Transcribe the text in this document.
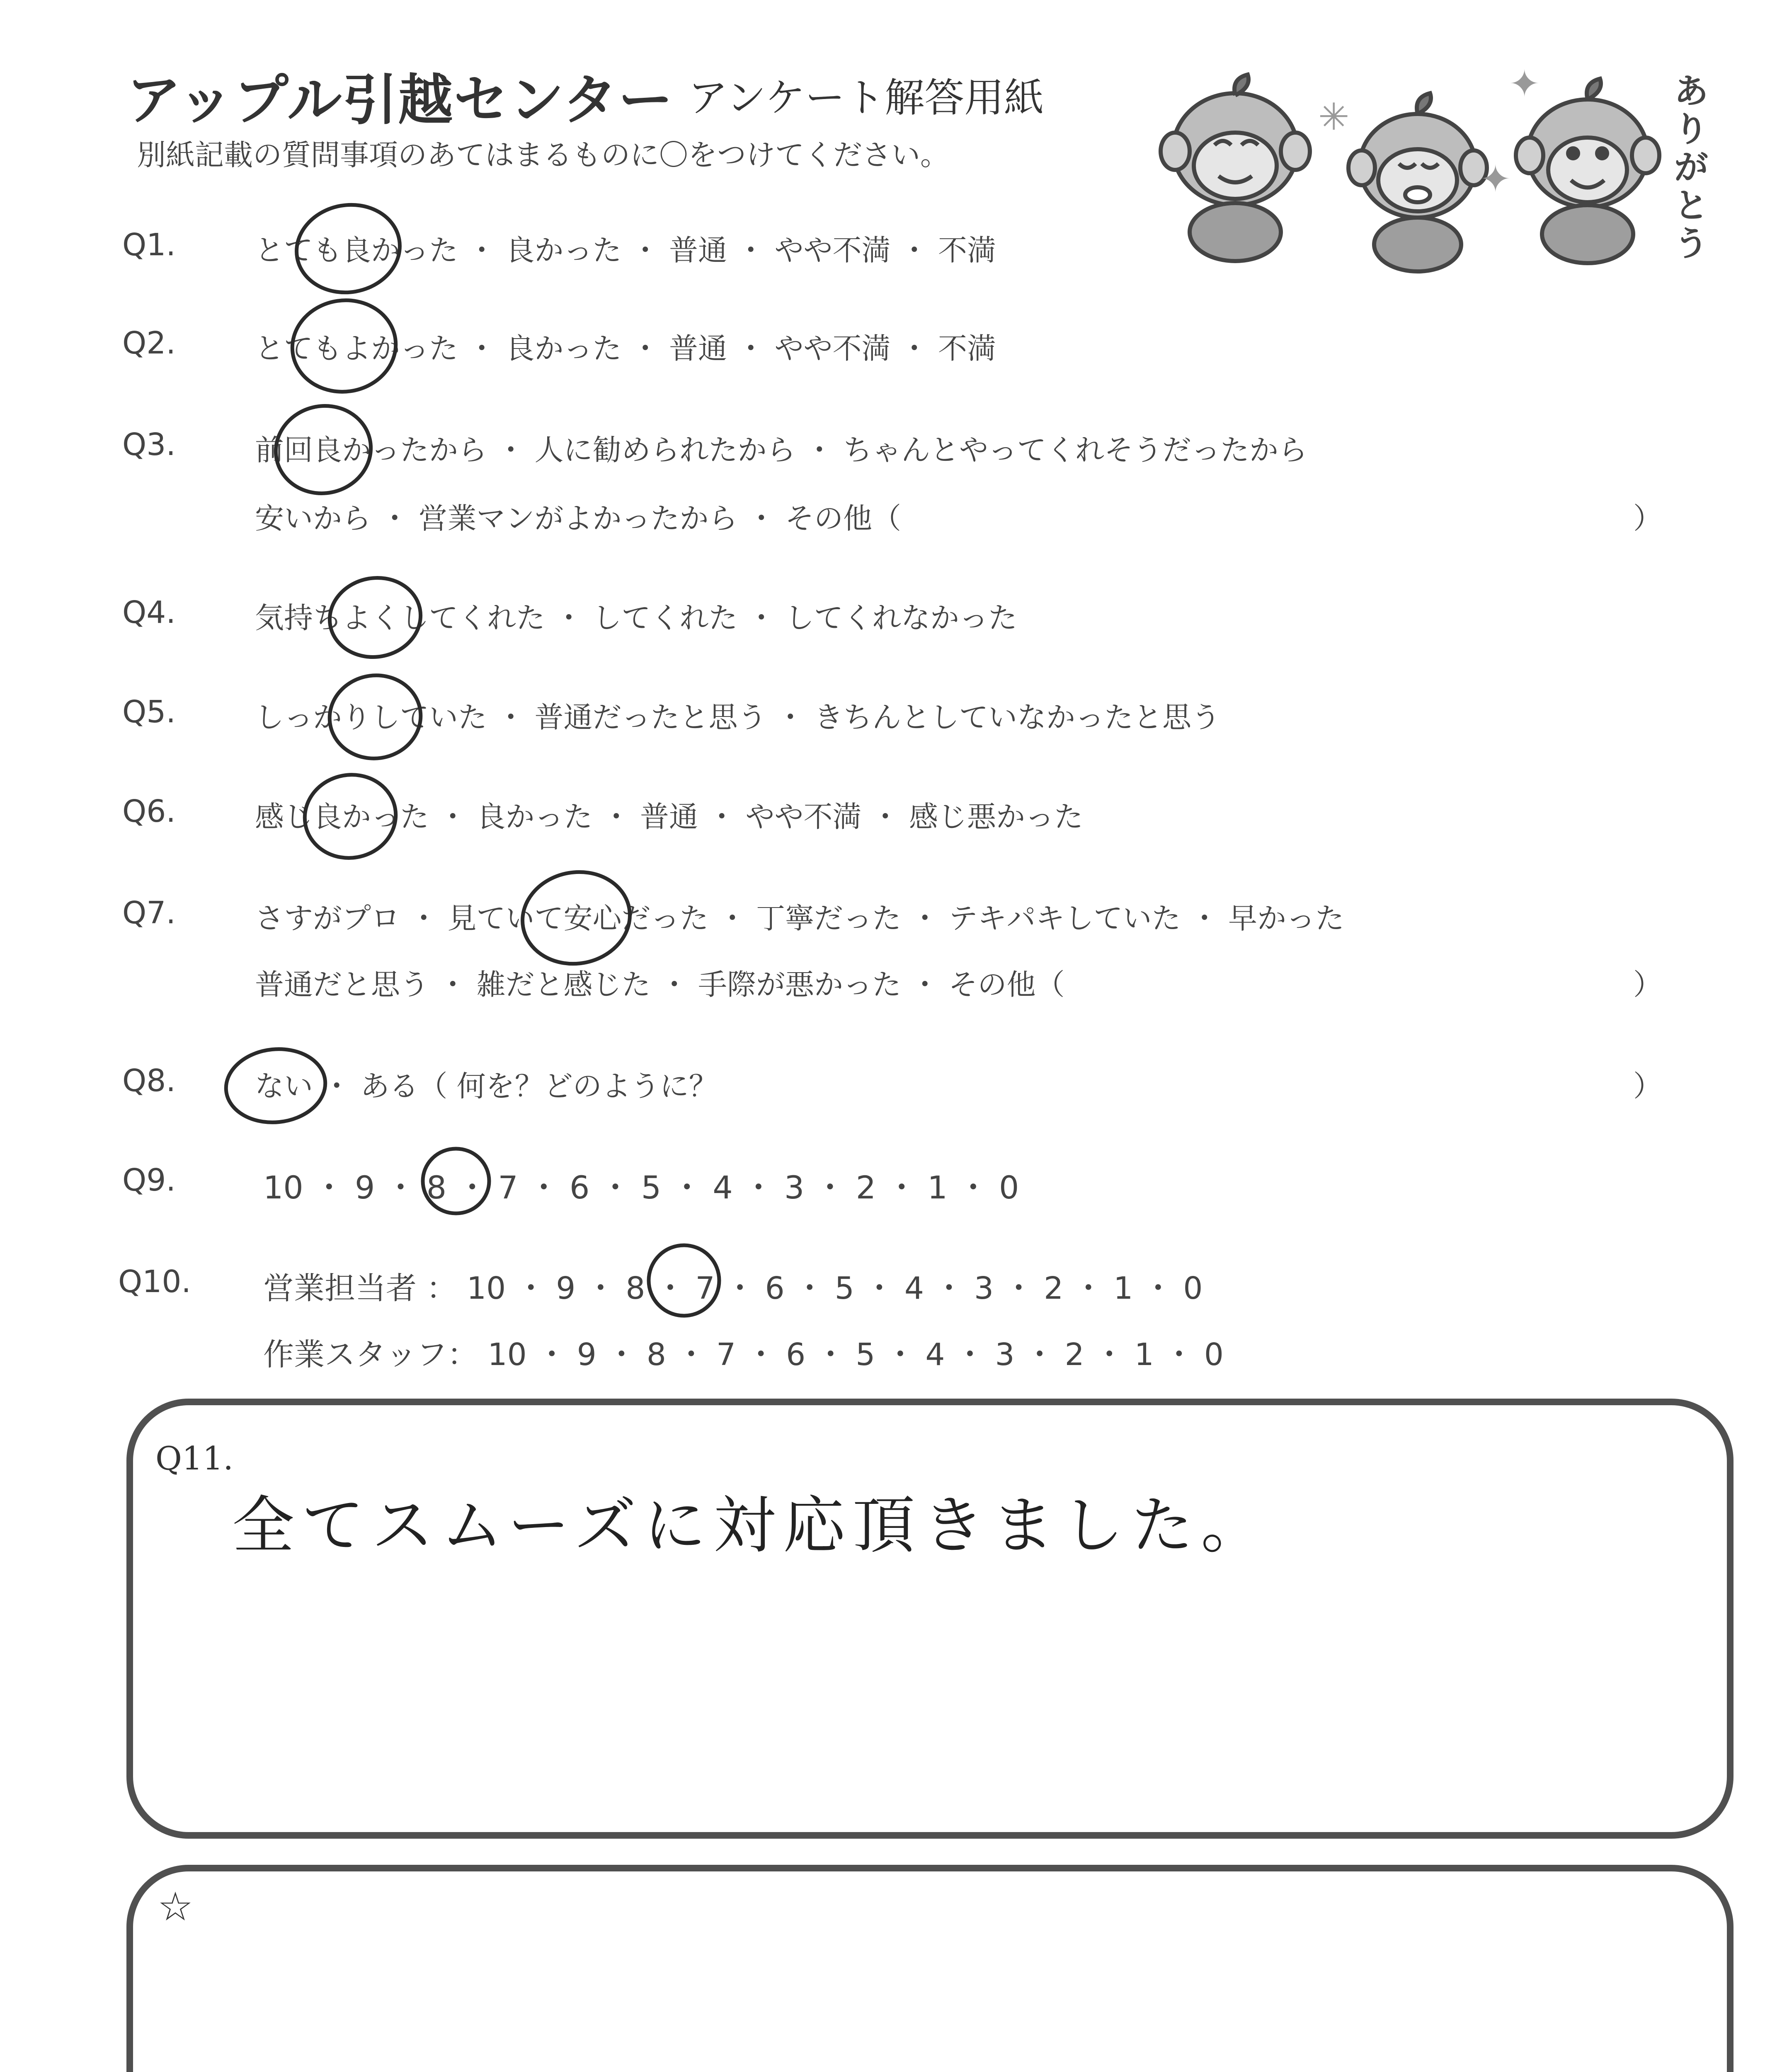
アップル引越センター アンケート解答用紙
別紙記載の質問事項のあてはまるものに〇をつけてください。
✦
✦
✳
ありがとう
Q1.	とても良かった ・ 良かった ・ 普通 ・ やや不満 ・ 不満
Q2.	とてもよかった ・ 良かった ・ 普通 ・ やや不満 ・ 不満
Q3.	前回良かったから ・ 人に勧められたから ・ ちゃんとやってくれそうだったから
安いから ・ 営業マンがよかったから ・ その他（	）
Q4.	気持ちよくしてくれた ・ してくれた ・ してくれなかった
Q5.	しっかりしていた ・ 普通だったと思う ・ きちんとしていなかったと思う
Q6.	感じ良かった ・ 良かった ・ 普通 ・ やや不満 ・ 感じ悪かった
Q7.	さすがプロ ・ 見ていて安心だった ・ 丁寧だった ・ テキパキしていた ・ 早かった
普通だと思う ・ 雑だと感じた ・ 手際が悪かった ・ その他（	）
Q8.	ない ・ ある（ 何を？どのように？	）
Q9.	10 ・ 9 ・ 8 ・ 7 ・ 6 ・ 5 ・ 4 ・ 3 ・ 2 ・ 1 ・ 0
Q10. 営業担当者 ： 10 ・ 9 ・ 8 ・ 7 ・ 6 ・ 5 ・ 4 ・ 3 ・ 2 ・ 1 ・ 0
作業スタッフ： 10 ・ 9 ・ 8 ・ 7 ・ 6 ・ 5 ・ 4 ・ 3 ・ 2 ・ 1 ・ 0
Q11.
全てスムーズに対応頂きました。
☆
